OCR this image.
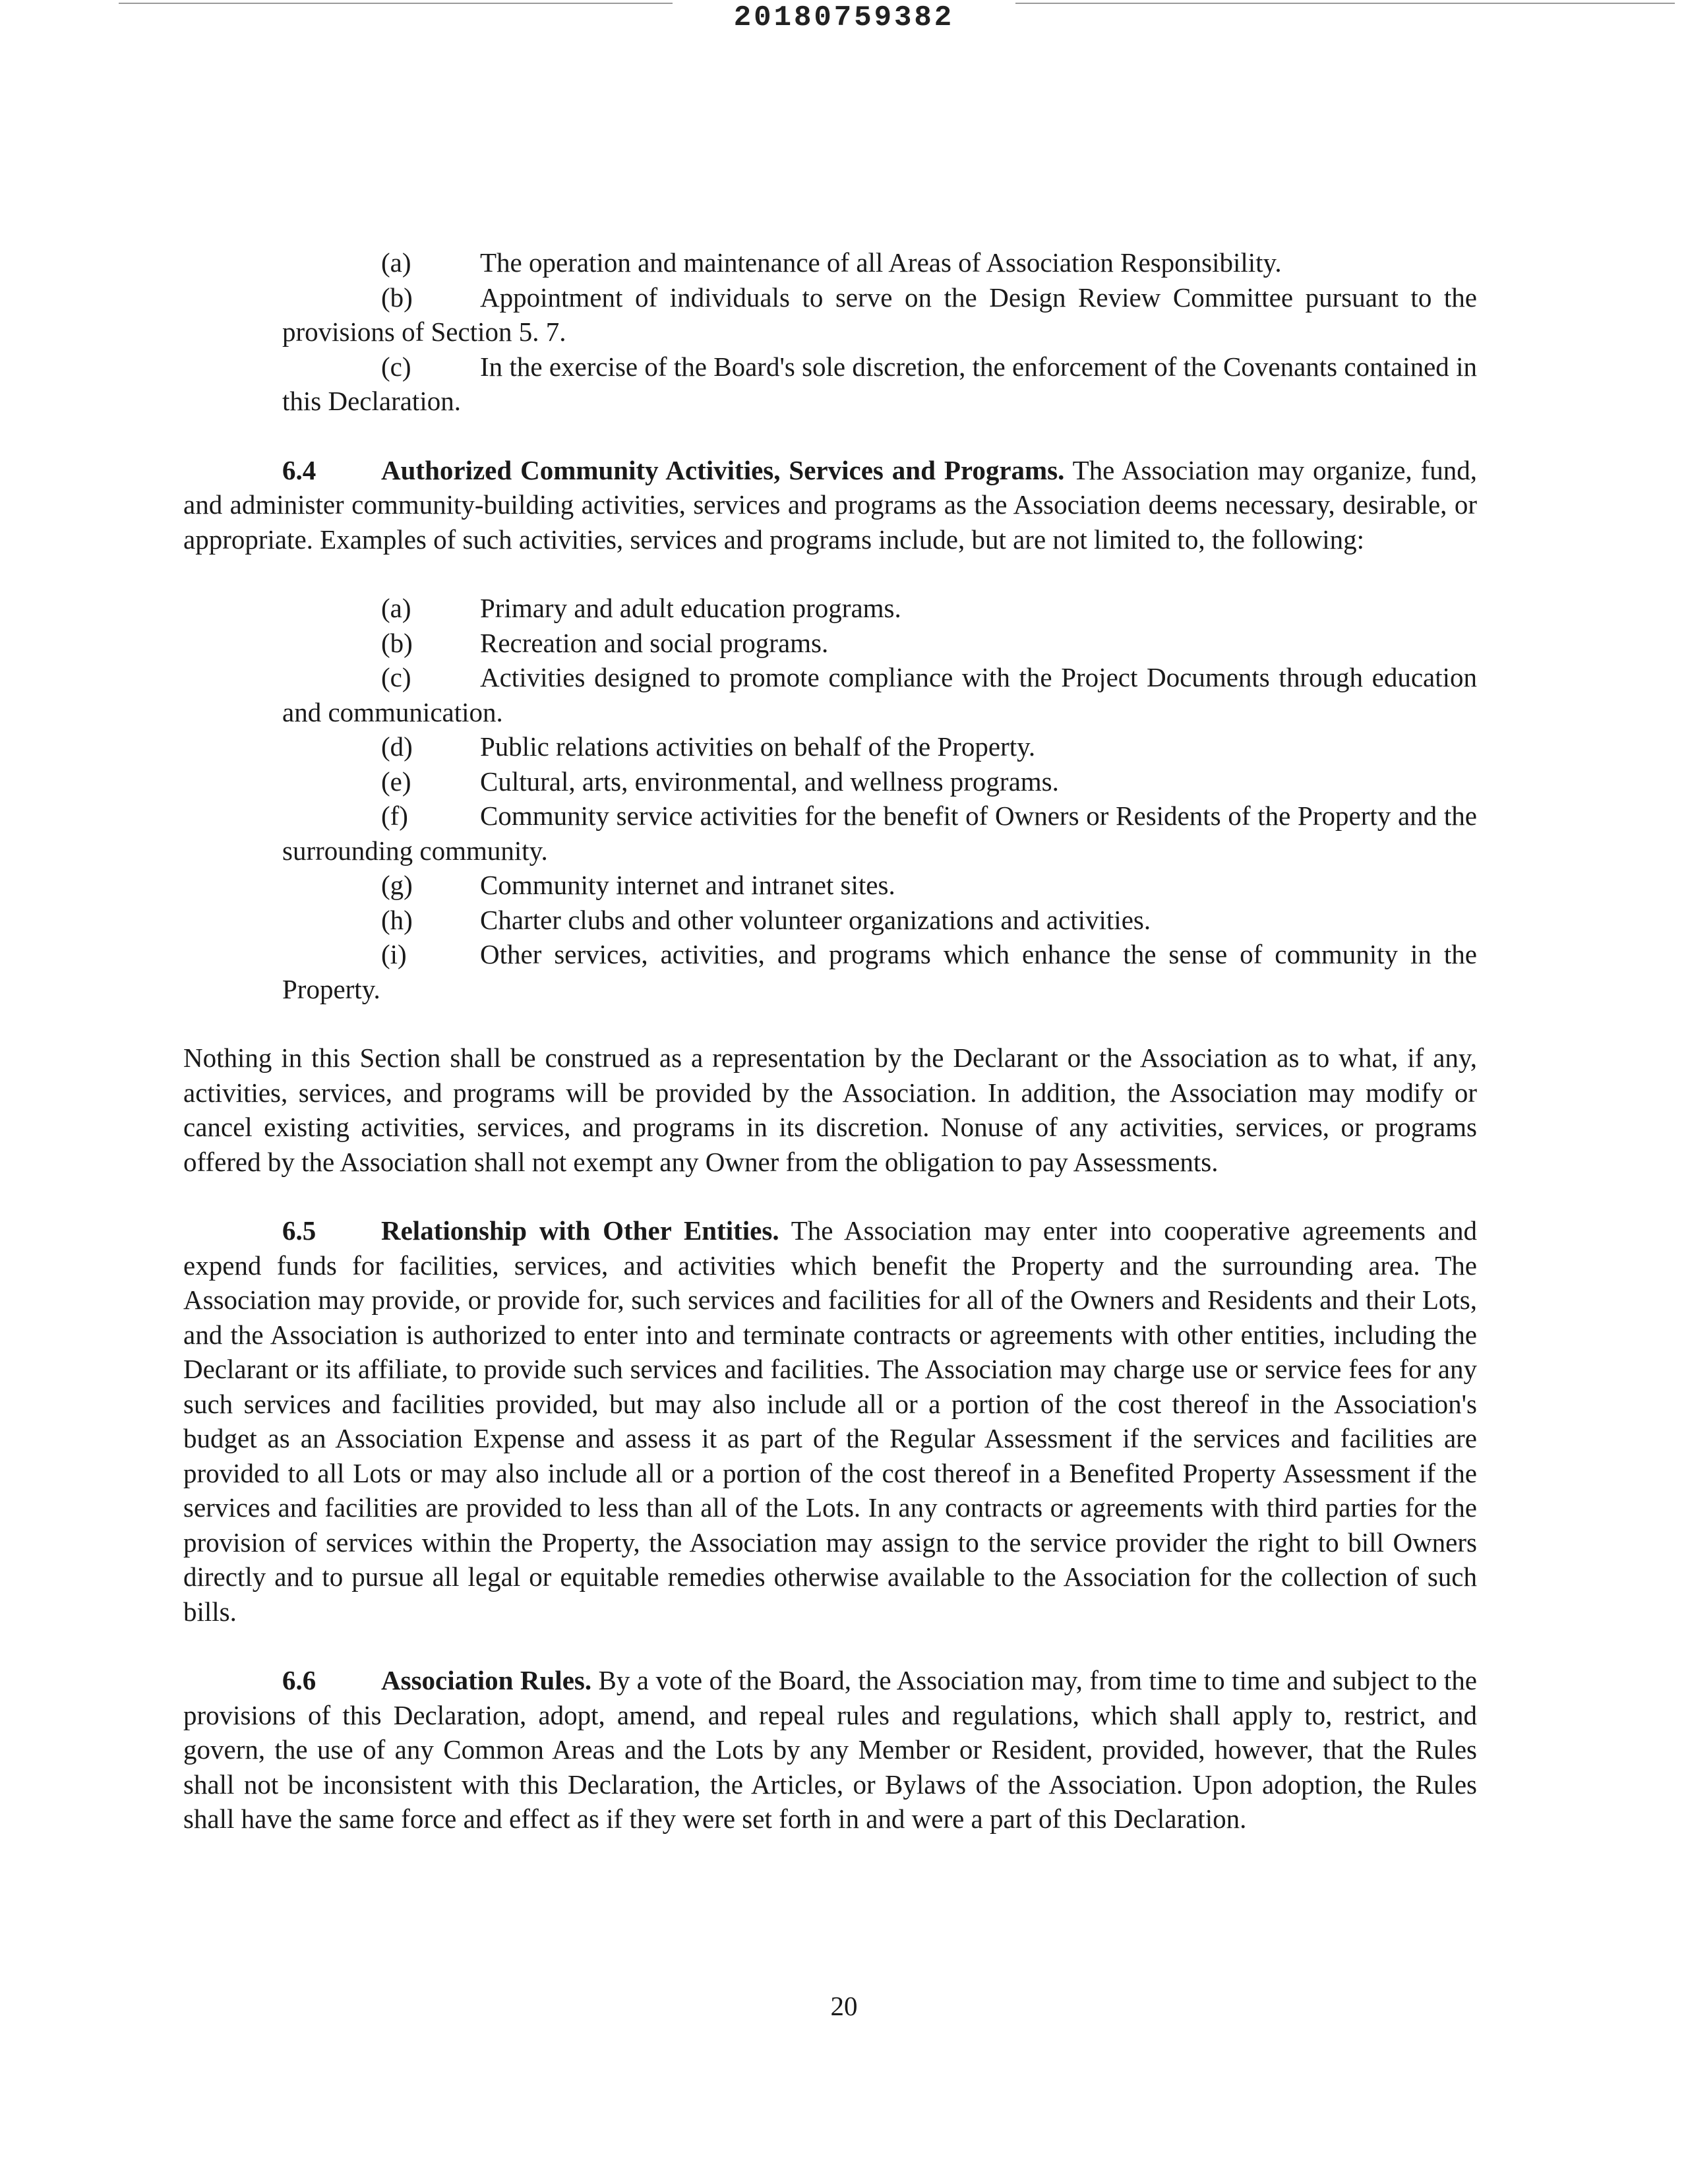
20180759382
(a)	The operation and maintenance of all Areas of Association Responsibility.
(b) Appointment of individuals to serve on the Design Review Committee pursuant to the provisions of Section 5. 7.
(c)	In the exercise of the Board's sole discretion, the enforcement of the Covenants contained in this Declaration.
6.4 Authorized Community Activities, Services and Programs. The Association may organize, fund, and administer community-building activities, services and programs as the Association deems necessary, desirable, or appropriate. Examples of such activities, services and programs include, but are not limited to, the following:
(a)	Primary and adult education programs.
(b) Recreation and social programs.
(c)	Activities designed to promote compliance with the Project Documents through education and communication.
(d) Public relations activities on behalf of the Property.
(e)	Cultural, arts, environmental, and wellness programs.
(f)	Community service activities for the benefit of Owners or Residents of the Property and the surrounding community.
(g) Community internet and intranet sites.
(h) Charter clubs and other volunteer organizations and activities.
(i)	Other services, activities, and programs which enhance the sense of community in the Property.
Nothing in this Section shall be construed as a representation by the Declarant or the Association as to what, if any, activities, services, and programs will be provided by the Association. In addition, the Association may modify or cancel existing activities, services, and programs in its discretion. Nonuse of any activities, services, or programs offered by the Association shall not exempt any Owner from the obligation to pay Assessments.
6.5 Relationship with Other Entities. The Association may enter into cooperative agreements and expend funds for facilities, services, and activities which benefit the Property and the surrounding area. The Association may provide, or provide for, such services and facilities for all of the Owners and Residents and their Lots, and the Association is authorized to enter into and terminate contracts or agreements with other entities, including the Declarant or its affiliate, to provide such services and facilities. The Association may charge use or service fees for any such services and facilities provided, but may also include all or a portion of the cost thereof in the Association's budget as an Association Expense and assess it as part of the Regular Assessment if the services and facilities are provided to all Lots or may also include all or a portion of the cost thereof in a Benefited Property Assessment if the services and facilities are provided to less than all of the Lots. In any contracts or agreements with third parties for the provision of services within the Property, the Association may assign to the service provider the right to bill Owners directly and to pursue all legal or equitable remedies otherwise available to the Association for the collection of such bills.
6.6 Association Rules. By a vote of the Board, the Association may, from time to time and subject to the provisions of this Declaration, adopt, amend, and repeal rules and regulations, which shall apply to, restrict, and govern, the use of any Common Areas and the Lots by any Member or Resident, provided, however, that the Rules shall not be inconsistent with this Declaration, the Articles, or Bylaws of the Association. Upon adoption, the Rules shall have the same force and effect as if they were set forth in and were a part of this Declaration.
20
